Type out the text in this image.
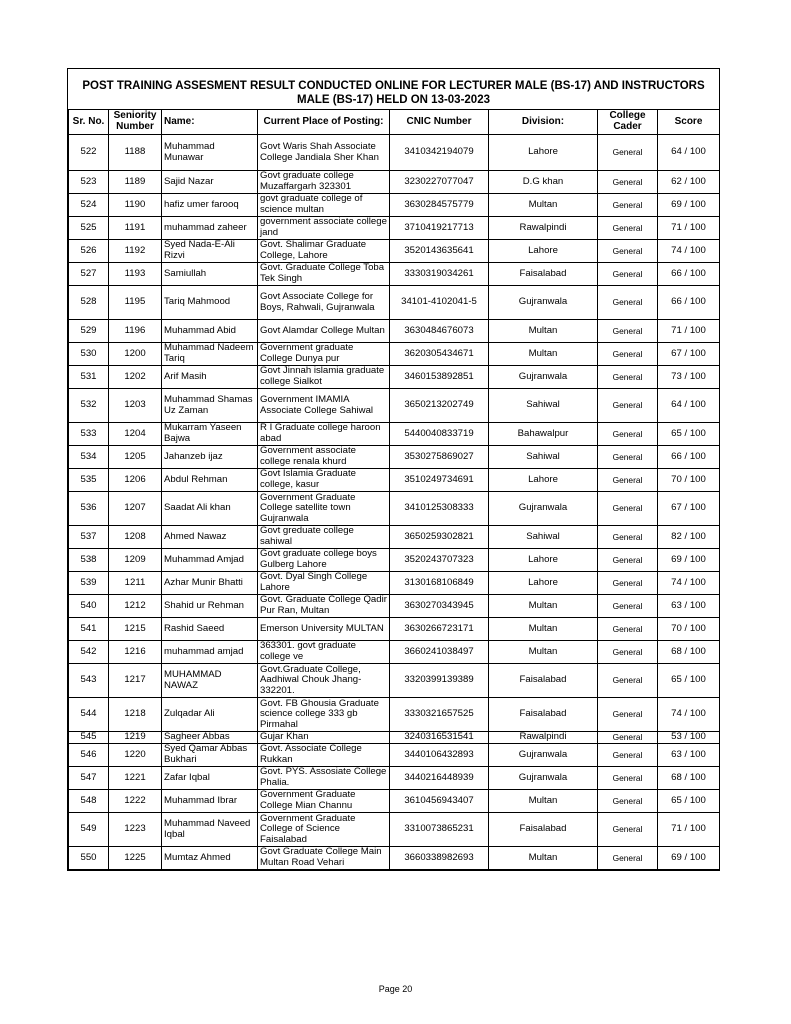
POST TRAINING ASSESMENT RESULT CONDUCTED ONLINE FOR LECTURER MALE (BS-17) AND INSTRUCTORS MALE (BS-17) HELD ON 13-03-2023
Sr. No.	Seniority Number	Name:	Current Place of Posting:	CNIC Number	Division:	College Cader	Score
522	1188	Muhammad Munawar	Govt Waris Shah Associate College Jandiala Sher Khan	3410342194079	Lahore	General	64 / 100
523	1189	Sajid Nazar	Govt graduate college Muzaffargarh 323301	3230227077047	D.G khan	General	62 / 100
524	1190	hafiz umer farooq	govt graduate college of science multan	3630284575779	Multan	General	69 / 100
525	1191	muhammad zaheer	government associate college jand	3710419217713	Rawalpindi	General	71 / 100
526	1192	Syed Nada-E-Ali Rizvi	Govt. Shalimar Graduate College, Lahore	3520143635641	Lahore	General	74 / 100
527	1193	Samiullah	Govt. Graduate College Toba Tek Singh	3330319034261	Faisalabad	General	66 / 100
528	1195	Tariq Mahmood	Govt Associate College for Boys, Rahwali, Gujranwala	34101-4102041-5	Gujranwala	General	66 / 100
529	1196	Muhammad Abid	Govt Alamdar College Multan	3630484676073	Multan	General	71 / 100
530	1200	Muhammad Nadeem Tariq	Government graduate College Dunya pur	3620305434671	Multan	General	67 / 100
531	1202	Arif Masih	Govt Jinnah islamia graduate college Sialkot	3460153892851	Gujranwala	General	73 / 100
532	1203	Muhammad Shamas Uz Zaman	Government IMAMIA Associate College Sahiwal	3650213202749	Sahiwal	General	64 / 100
533	1204	Mukarram Yaseen Bajwa	R I Graduate college haroon abad	5440040833719	Bahawalpur	General	65 / 100
534	1205	Jahanzeb ijaz	Government associate college renala khurd	3530275869027	Sahiwal	General	66 / 100
535	1206	Abdul Rehman	Govt Islamia Graduate college, kasur	3510249734691	Lahore	General	70 / 100
536	1207	Saadat Ali khan	Government Graduate College satellite town Gujranwala	3410125308333	Gujranwala	General	67 / 100
537	1208	Ahmed Nawaz	Govt greduate college sahiwal	3650259302821	Sahiwal	General	82 / 100
538	1209	Muhammad Amjad	Govt graduate college boys Gulberg Lahore	3520243707323	Lahore	General	69 / 100
539	1211	Azhar Munir Bhatti	Govt. Dyal Singh College Lahore	3130168106849	Lahore	General	74 / 100
540	1212	Shahid ur Rehman	Govt. Graduate College Qadir Pur Ran, Multan	3630270343945	Multan	General	63 / 100
541	1215	Rashid Saeed	Emerson University MULTAN	3630266723171	Multan	General	70 / 100
542	1216	muhammad amjad	363301. govt graduate college ve	3660241038497	Multan	General	68 / 100
543	1217	MUHAMMAD NAWAZ	Govt.Graduate College, Aadhiwal Chouk Jhang-332201.	3320399139389	Faisalabad	General	65 / 100
544	1218	Zulqadar Ali	Govt. FB Ghousia Graduate science college 333 gb Pirmahal	3330321657525	Faisalabad	General	74 / 100
545	1219	Sagheer Abbas	Gujar Khan	3240316531541	Rawalpindi	General	53 / 100
546	1220	Syed Qamar Abbas Bukhari	Govt. Associate College Rukkan	3440106432893	Gujranwala	General	63 / 100
547	1221	Zafar Iqbal	Govt. PYS. Assosiate College Phalia.	3440216448939	Gujranwala	General	68 / 100
548	1222	Muhammad Ibrar	Government Graduate College Mian Channu	3610456943407	Multan	General	65 / 100
549	1223	Muhammad Naveed Iqbal	Government Graduate College of Science Faisalabad	3310073865231	Faisalabad	General	71 / 100
550	1225	Mumtaz Ahmed	Govt Graduate College Main Multan Road Vehari	3660338982693	Multan	General	69 / 100
Page 20
